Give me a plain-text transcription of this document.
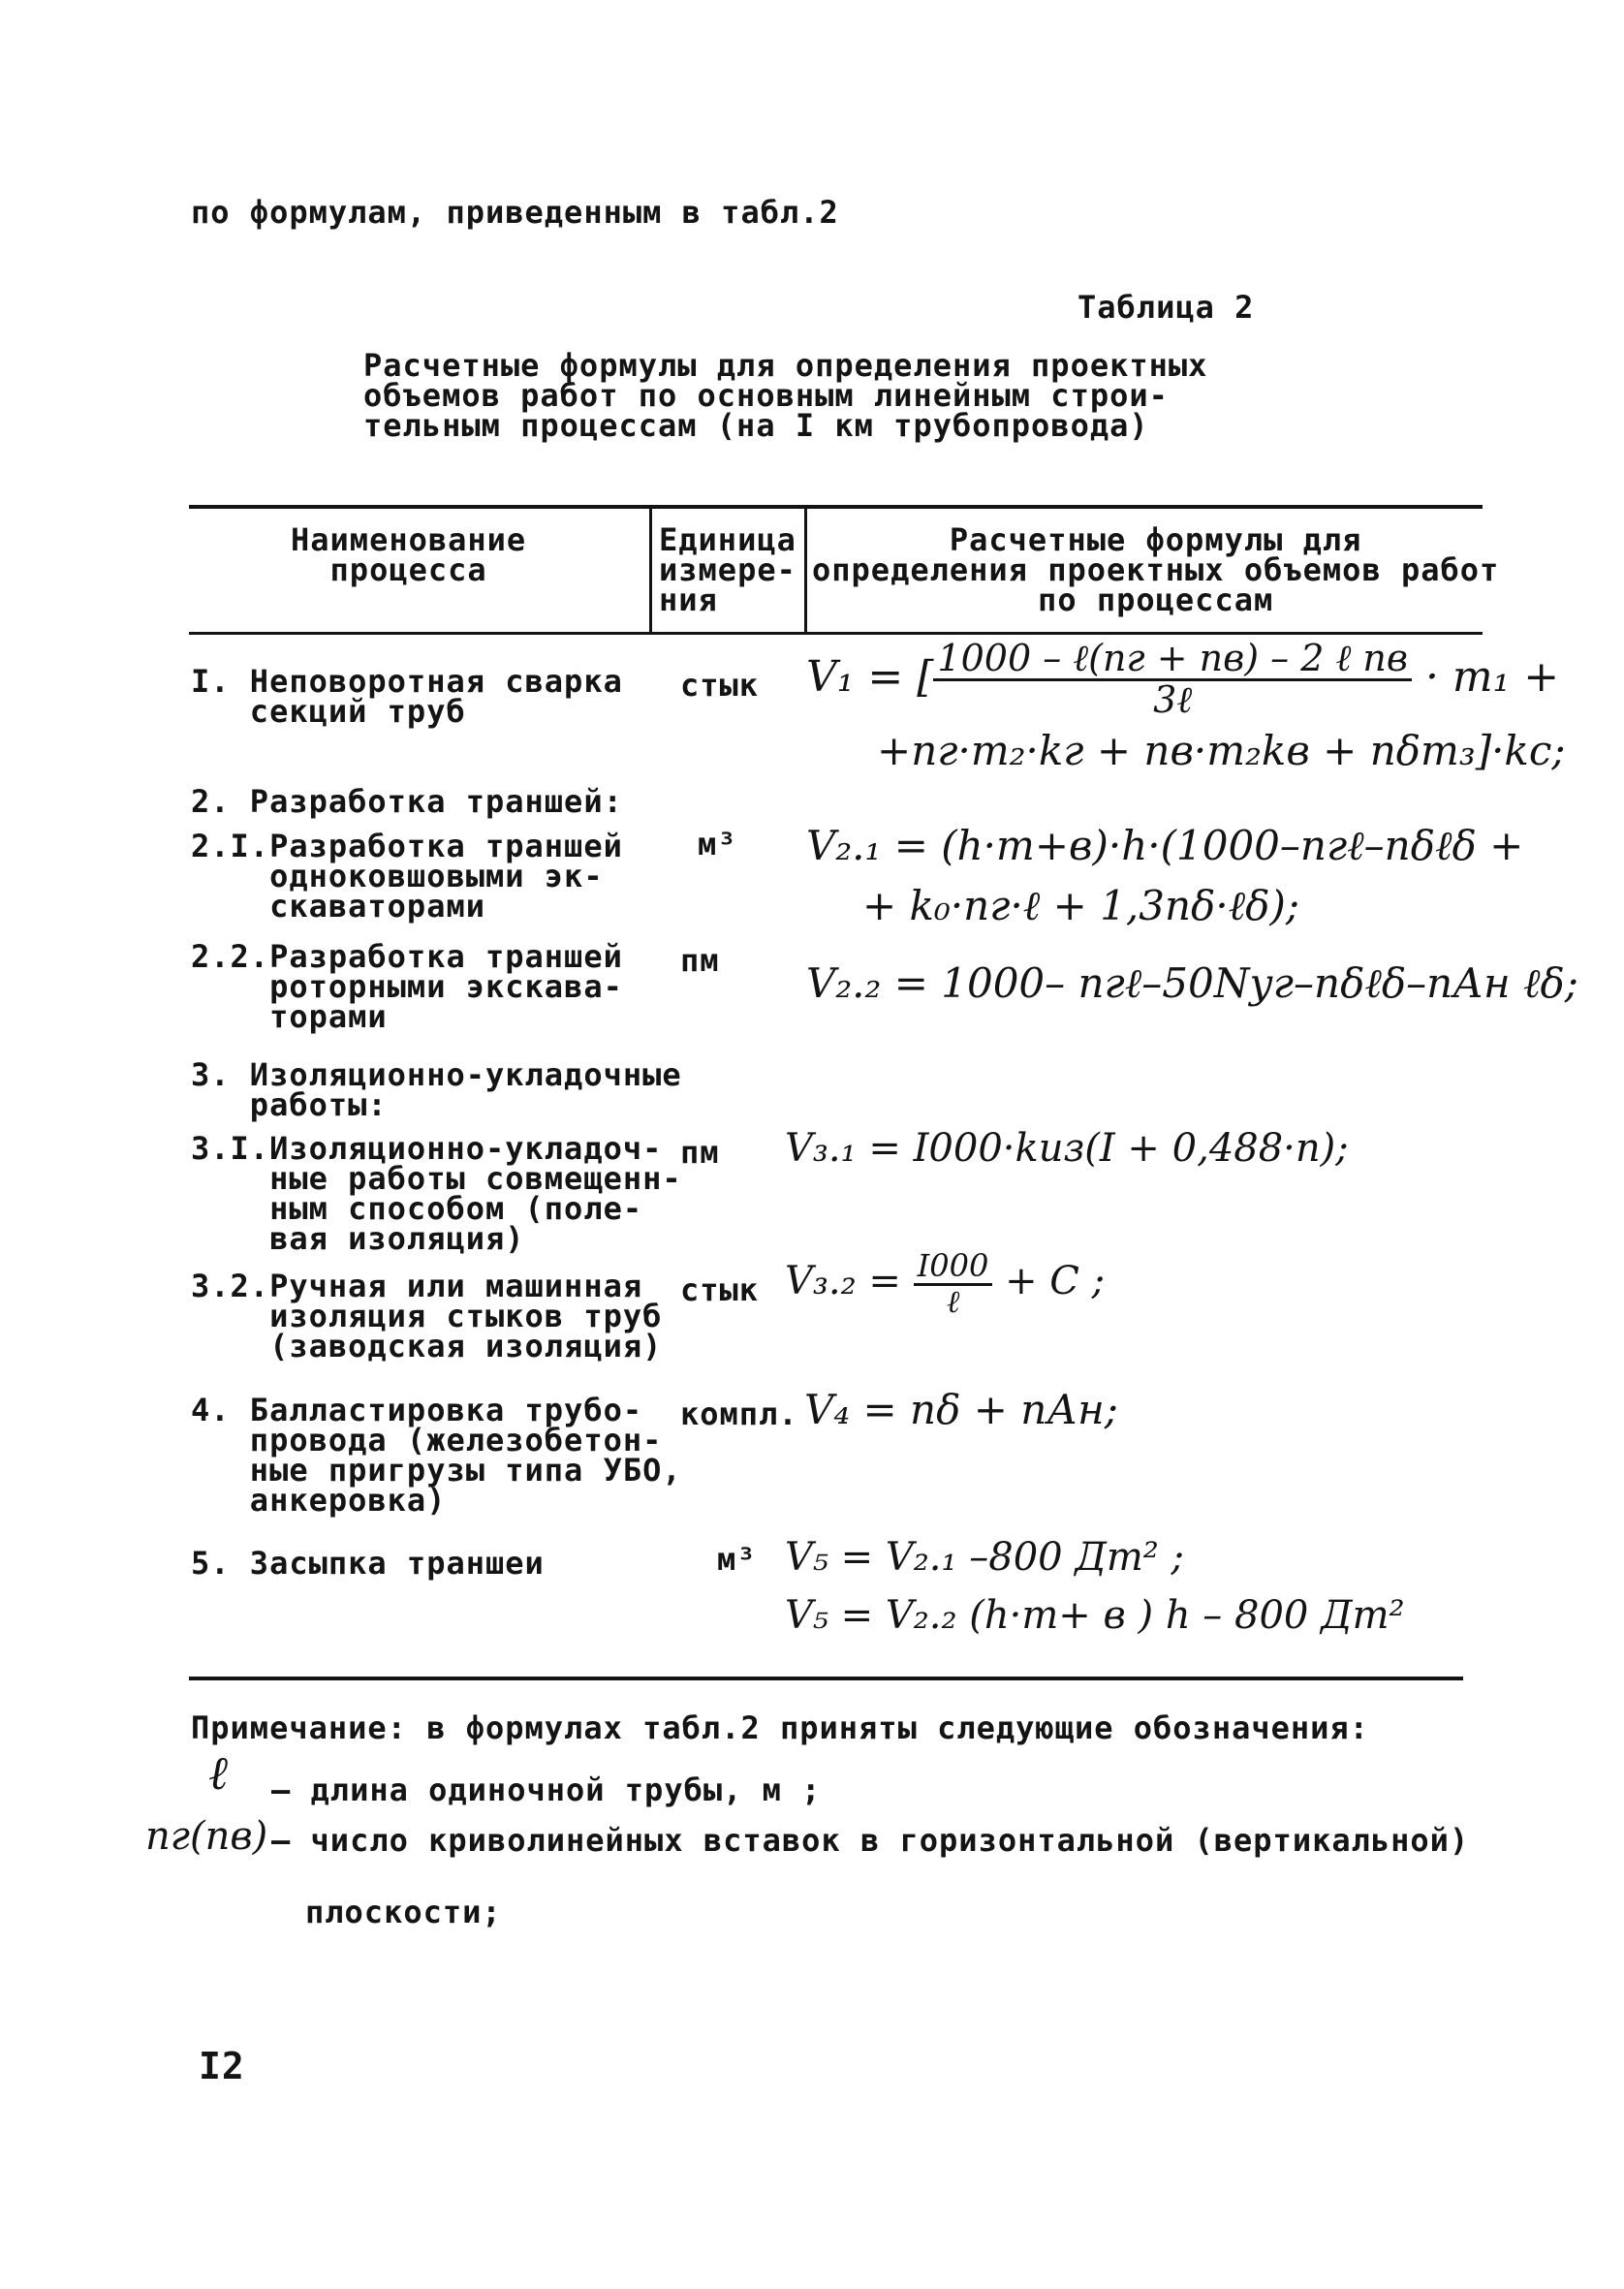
по формулам, приведенным в табл.2
Таблица 2
Расчетные формулы для определения проектных
объемов работ по основным линейным строи-
тельным процессам (на I км трубопровода)
Наименование
процесса
Единица
измере-
ния
Расчетные формулы для
определения проектных объемов работ
по процессам
I. Неповоротная сварка
секций труб
стык V₁ = [ $\frac{\text{1000 – ℓ(nг + nв) – 2 ℓ nв}}{\text{3ℓ}} \cdot m_1$ +
+nг·m₂·kг + nв·m₂kв + nδm₃]·kс;
2. Разработка траншей:
2.I.Разработка траншей
одноковшовыми эк-
скаваторами
м³ V₂.₁ = (h·m+в)·h·(1000–nгℓ–nδℓδ +
+ k₀·nг·ℓ + 1,3nδ·ℓδ);
2.2.Разработка траншей
роторными экскава-
торами
пм V₂.₂ = 1000– nгℓ–50Nуг–nδℓδ–nАн ℓδ;
3. Изоляционно-укладочные
работы:
3.I.Изоляционно-укладоч-
ные работы совмещенн-
ным способом (поле-
вая изоляция)
пм V₃.₁ = I000·kиз(I + 0,488·n);
3.2.Ручная или машинная
изоляция стыков труб
(заводская изоляция)
стык $V_3._2 = \frac{I000}{\text{ℓ}} + C$ ;
4. Балластировка трубо-
провода (железобетон-
ные пригрузы типа УБО,
анкеровка)
компл. V₄ = nδ + nАн;
5. Засыпка траншеи	м³ V₅ = V₂.₁ –800 Дт² ;
V₅ = V₂.₂ (h·m+ в ) h – 800 Дт²
Примечание: в формулах табл.2 приняты следующие обозначения:
ℓ – длина одиночной трубы, м ;
nг(nв) – число криволинейных вставок в горизонтальной (вертикальной)
плоскости;
I2
